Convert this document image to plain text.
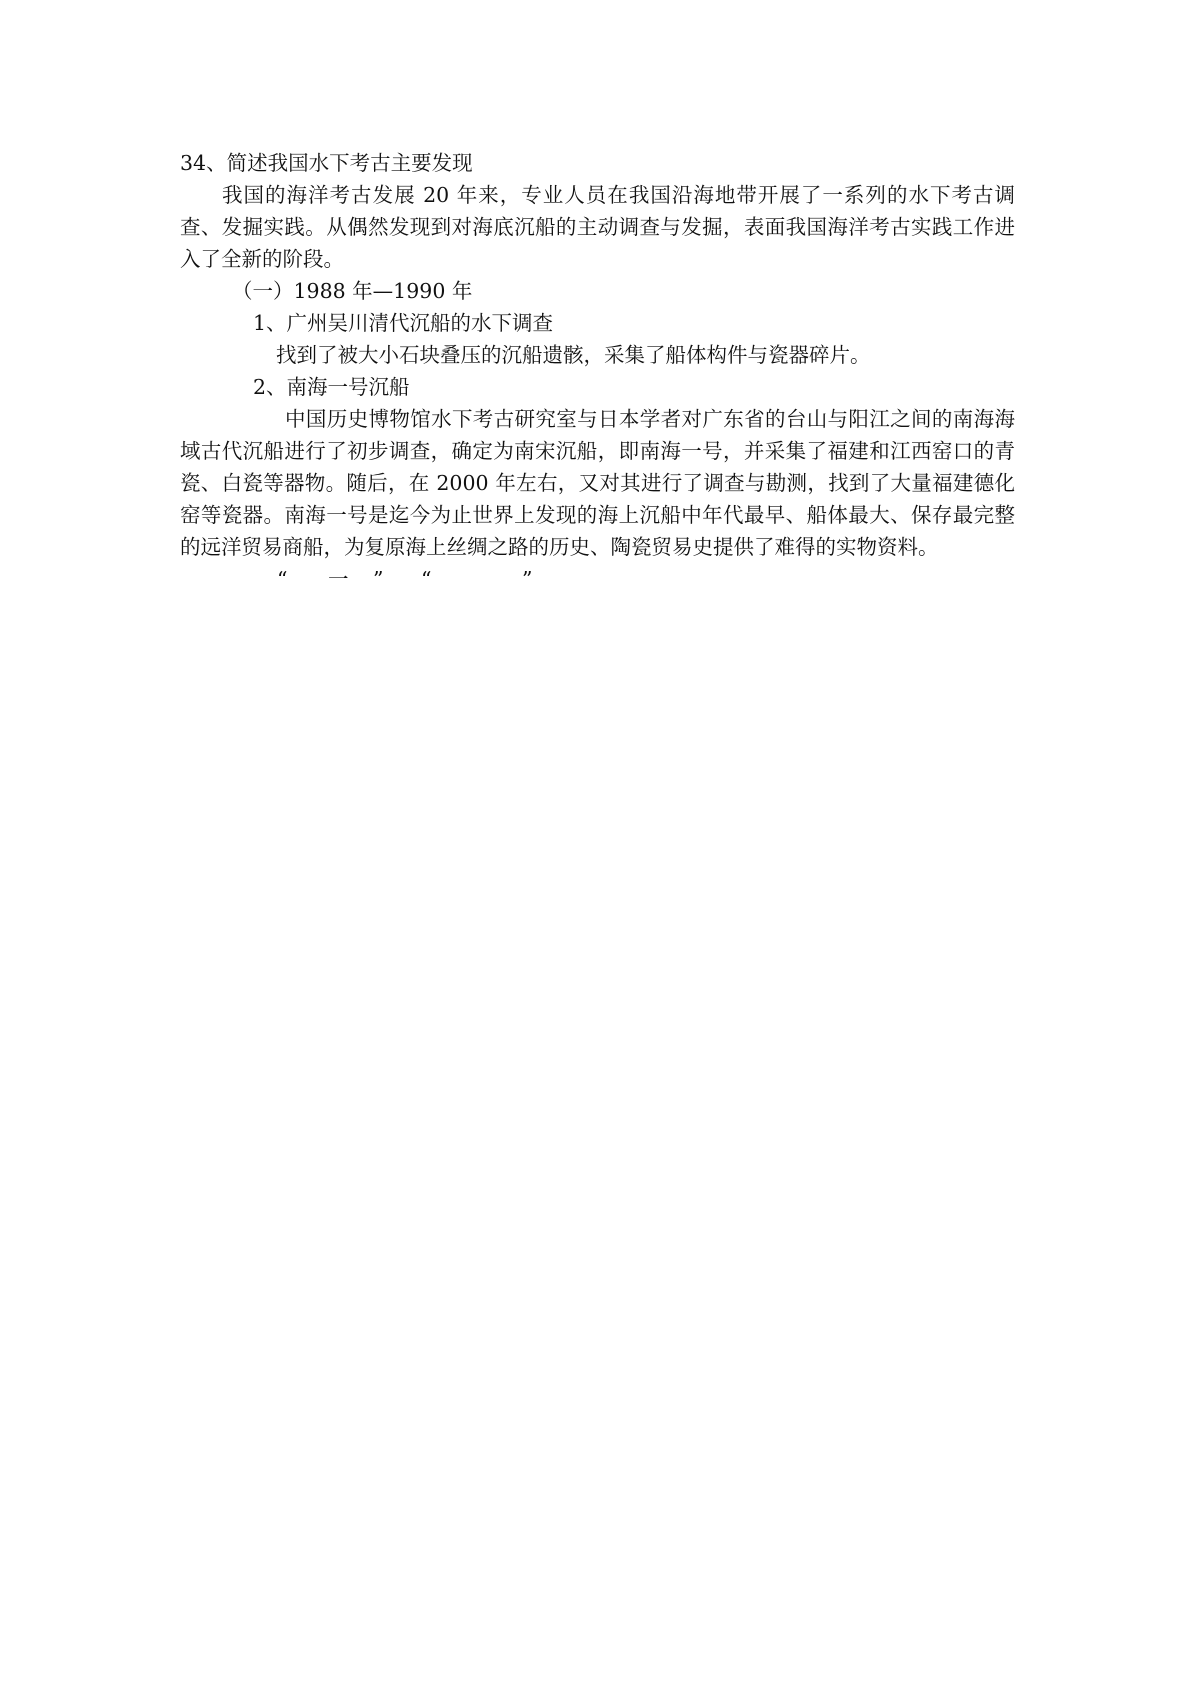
34、简述我国水下考古主要发现

我国的海洋考古发展 20 年来，专业人员在我国沿海地带开展了一系列的水下考古调查、发掘实践。从偶然发现到对海底沉船的主动调查与发掘，表面我国海洋考古实践工作进入了全新的阶段。

（一）1988 年—1990 年

1、广州吴川清代沉船的水下调查

找到了被大小石块叠压的沉船遗骸，采集了船体构件与瓷器碎片。

2、南海一号沉船

中国历史博物馆水下考古研究室与日本学者对广东省的台山与阳江之间的南海海域古代沉船进行了初步调查，确定为南宋沉船，即南海一号，并采集了福建和江西窑口的青瓷、白瓷等器物。随后，在 2000 年左右，又对其进行了调查与勘测，找到了大量福建德化窑等瓷器。南海一号是迄今为止世界上发现的海上沉船中年代最早、船体最大、保存最完整的远洋贸易商船，为复原海上丝绸之路的历史、陶瓷贸易史提供了难得的实物资料。

“ 一 ” “	”
